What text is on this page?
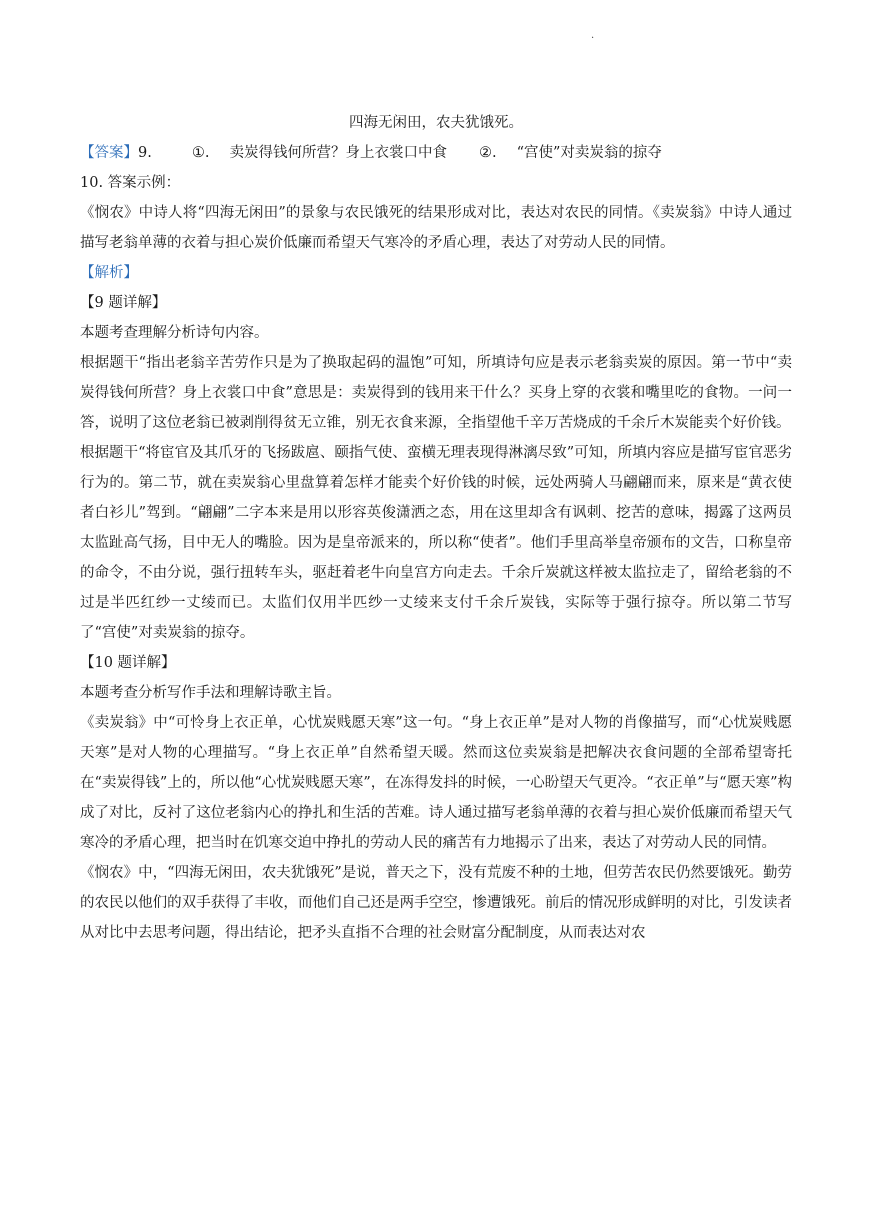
.
四海无闲田，农夫犹饿死。
【答案】9.	①. 卖炭得钱何所营？身上衣裳口中食 ②. “宫使”对卖炭翁的掠夺
10. 答案示例：
《悯农》中诗人将“四海无闲田”的景象与农民饿死的结果形成对比，表达对农民的同情。《卖炭翁》中诗人通过描写老翁单薄的衣着与担心炭价低廉而希望天气寒冷的矛盾心理，表达了对劳动人民的同情。
【解析】
【9 题详解】
本题考查理解分析诗句内容。
根据题干“指出老翁辛苦劳作只是为了换取起码的温饱”可知，所填诗句应是表示老翁卖炭的原因。第一节中“卖炭得钱何所营？身上衣裳口中食”意思是：卖炭得到的钱用来干什么？买身上穿的衣裳和嘴里吃的食物。一问一答，说明了这位老翁已被剥削得贫无立锥，别无衣食来源，全指望他千辛万苦烧成的千余斤木炭能卖个好价钱。
根据题干“将宦官及其爪牙的飞扬跋扈、颐指气使、蛮横无理表现得淋漓尽致”可知，所填内容应是描写宦官恶劣行为的。第二节，就在卖炭翁心里盘算着怎样才能卖个好价钱的时候，远处两骑人马翩翩而来，原来是“黄衣使者白衫儿”驾到。“翩翩”二字本来是用以形容英俊潇洒之态，用在这里却含有讽刺、挖苦的意味，揭露了这两员太监趾高气扬，目中无人的嘴脸。因为是皇帝派来的，所以称“使者”。他们手里高举皇帝颁布的文告，口称皇帝的命令，不由分说，强行扭转车头，驱赶着老牛向皇宫方向走去。千余斤炭就这样被太监拉走了，留给老翁的不过是半匹红纱一丈绫而已。太监们仅用半匹纱一丈绫来支付千余斤炭钱，实际等于强行掠夺。所以第二节写了“宫使”对卖炭翁的掠夺。
【10 题详解】
本题考查分析写作手法和理解诗歌主旨。
《卖炭翁》中“可怜身上衣正单，心忧炭贱愿天寒”这一句。“身上衣正单”是对人物的肖像描写，而“心忧炭贱愿天寒”是对人物的心理描写。“身上衣正单”自然希望天暖。然而这位卖炭翁是把解决衣食问题的全部希望寄托在“卖炭得钱”上的，所以他“心忧炭贱愿天寒”，在冻得发抖的时候，一心盼望天气更冷。“衣正单”与“愿天寒”构成了对比，反衬了这位老翁内心的挣扎和生活的苦难。诗人通过描写老翁单薄的衣着与担心炭价低廉而希望天气寒冷的矛盾心理，把当时在饥寒交迫中挣扎的劳动人民的痛苦有力地揭示了出来，表达了对劳动人民的同情。
《悯农》中，“四海无闲田，农夫犹饿死”是说，普天之下，没有荒废不种的土地，但劳苦农民仍然要饿死。勤劳的农民以他们的双手获得了丰收，而他们自己还是两手空空，惨遭饿死。前后的情况形成鲜明的对比，引发读者从对比中去思考问题，得出结论，把矛头直指不合理的社会财富分配制度，从而表达对农
